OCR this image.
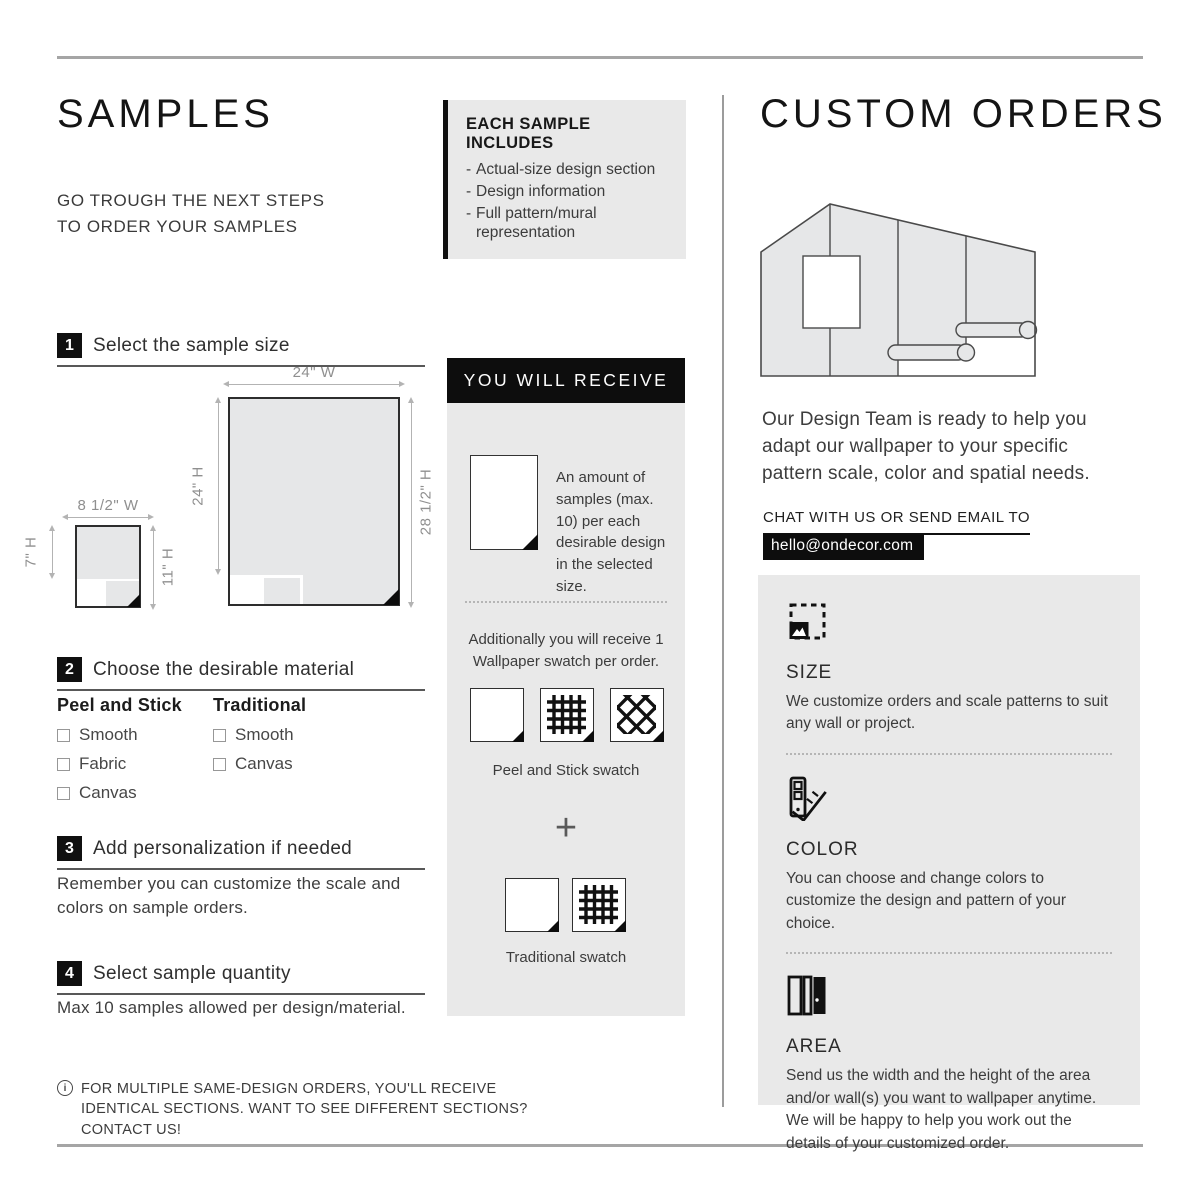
SAMPLES
GO TROUGH THE NEXT STEPS TO ORDER YOUR SAMPLES
1	Select the sample size
8 1/2" W
7" H	11" H
24" W
24" H	28 1/2" H
2	Choose the desirable material
Peel and Stick
Smooth
Fabric
Canvas
Traditional
Smooth
Canvas
3	Add personalization if needed
Remember you can customize the scale and colors on sample orders.
4	Select sample quantity
Max 10 samples allowed per design/material.
i	FOR MULTIPLE SAME-DESIGN ORDERS, YOU'LL RECEIVE IDENTICAL SECTIONS. WANT TO SEE DIFFERENT SECTIONS? CONTACT US!
EACH SAMPLE INCLUDES
- Actual-size design section
- Design information
- Full pattern/mural representation
YOU WILL RECEIVE
An amount of samples (max. 10) per each desirable design in the selected size.
Additionally you will receive 1 Wallpaper swatch per order.
Peel and Stick swatch
+
Traditional swatch
CUSTOM ORDERS
Our Design Team is ready to help you adapt our wallpaper to your specific pattern scale, color and spatial needs.
CHAT WITH US OR SEND EMAIL TO
hello@ondecor.com
SIZE
We customize orders and scale patterns to suit any wall or project.
COLOR
You can choose and change colors to customize the design and pattern of your choice.
AREA
Send us the width and the height of the area and/or wall(s) you want to wallpaper anytime. We will be happy to help you work out the details of your customized order.
